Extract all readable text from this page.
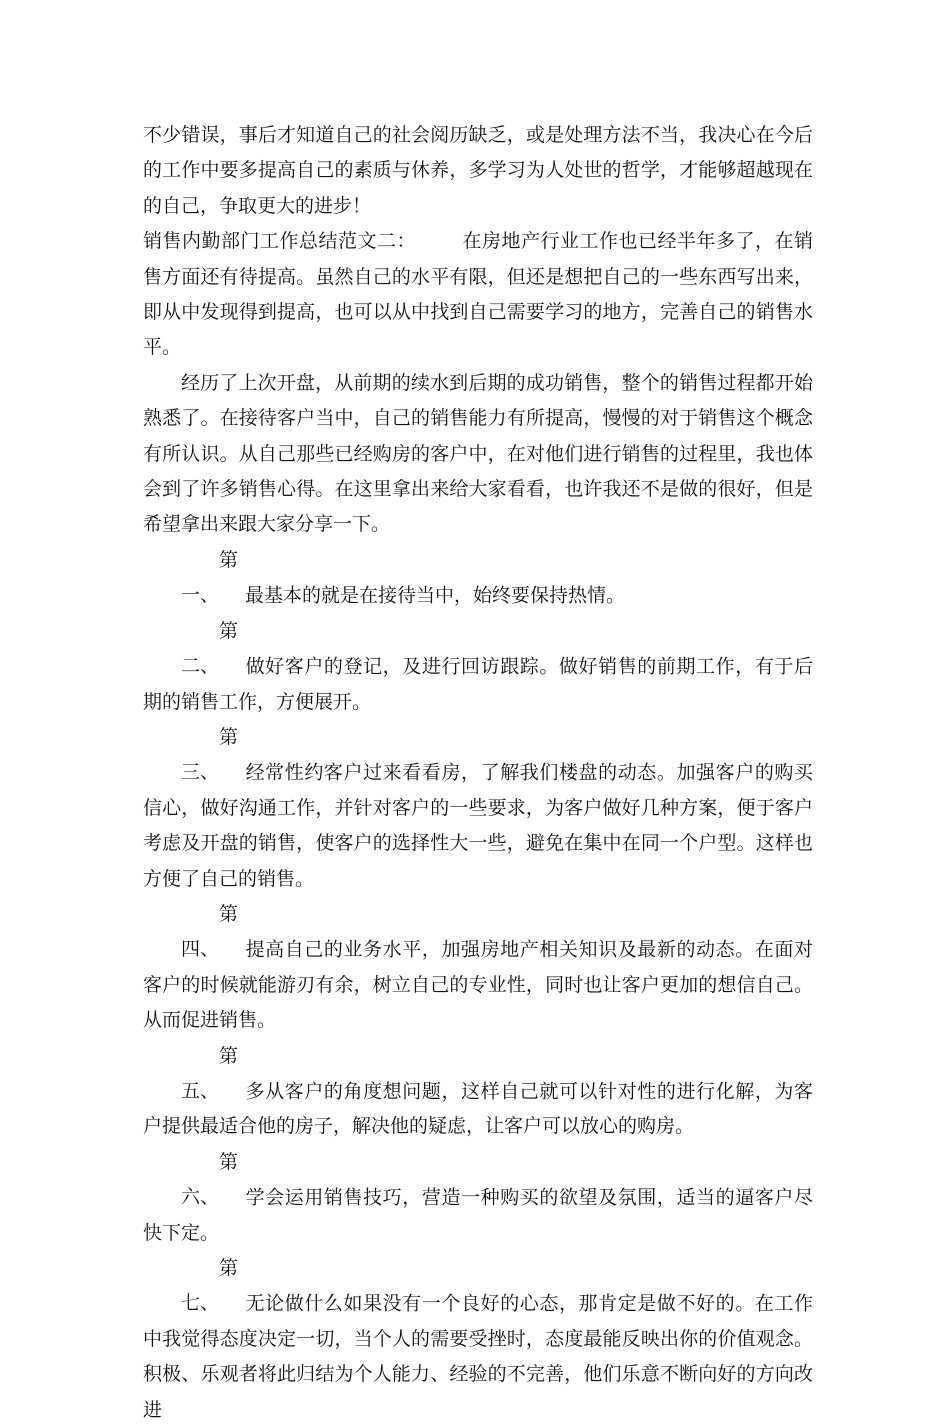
不少错误，事后才知道自己的社会阅历缺乏，或是处理方法不当，我决心在今后的工作中要多提高自己的素质与休养，多学习为人处世的哲学，才能够超越现在的自己，争取更大的进步！

销售内勤部门工作总结范文二： 在房地产行业工作也已经半年多了，在销售方面还有待提高。虽然自己的水平有限，但还是想把自己的一些东西写出来，即从中发现得到提高，也可以从中找到自己需要学习的地方，完善自己的销售水平。

经历了上次开盘，从前期的续水到后期的成功销售，整个的销售过程都开始熟悉了。在接待客户当中，自己的销售能力有所提高，慢慢的对于销售这个概念有所认识。从自己那些已经购房的客户中，在对他们进行销售的过程里，我也体会到了许多销售心得。在这里拿出来给大家看看，也许我还不是做的很好，但是希望拿出来跟大家分享一下。

第一、 最基本的就是在接待当中，始终要保持热情。

第二、 做好客户的登记，及进行回访跟踪。做好销售的前期工作，有于后期的销售工作，方便展开。

第三、 经常性约客户过来看看房，了解我们楼盘的动态。加强客户的购买信心，做好沟通工作，并针对客户的一些要求，为客户做好几种方案，便于客户考虑及开盘的销售，使客户的选择性大一些，避免在集中在同一个户型。这样也方便了自己的销售。

第四、 提高自己的业务水平，加强房地产相关知识及最新的动态。在面对客户的时候就能游刃有余，树立自己的专业性，同时也让客户更加的想信自己。从而促进销售。

第五、 多从客户的角度想问题，这样自己就可以针对性的进行化解，为客户提供最适合他的房子，解决他的疑虑，让客户可以放心的购房。

第六、 学会运用销售技巧，营造一种购买的欲望及氛围，适当的逼客户尽快下定。

第七、 无论做什么如果没有一个良好的心态，那肯定是做不好的。在工作中我觉得态度决定一切，当个人的需要受挫时，态度最能反映出你的价值观念。积极、乐观者将此归结为个人能力、经验的不完善，他们乐意不断向好的方向改进
